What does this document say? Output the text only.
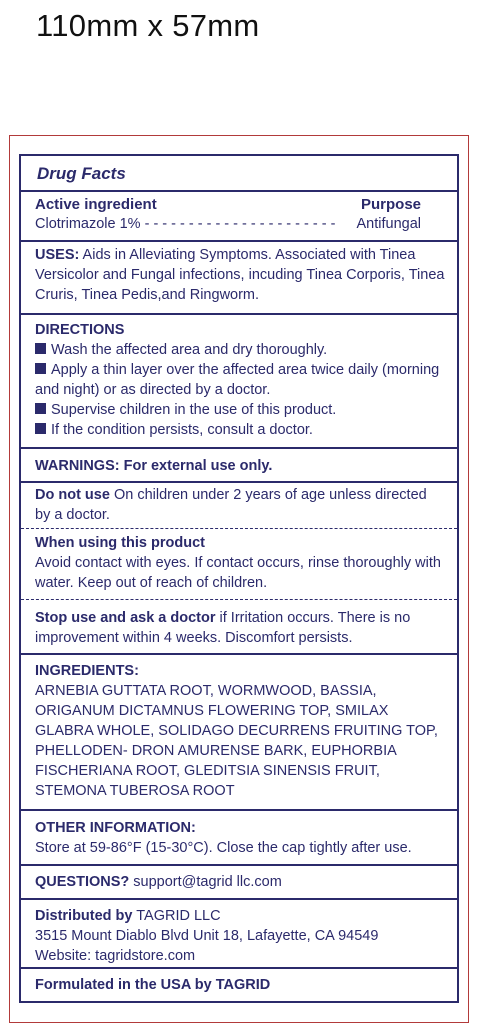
110mm x 57mm
Drug Facts
Active ingredient	Purpose
Clotrimazole 1% - - - - - - - - - - - - - - - - - - - - - - Antifungal
USES: Aids in Alleviating Symptoms. Associated with Tinea Versicolor and Fungal infections, incuding Tinea Corporis, Tinea Cruris, Tinea Pedis,and Ringworm.
DIRECTIONS
Wash the affected area and dry thoroughly.
Apply a thin layer over the affected area twice daily (morning and night) or as directed by a doctor.
Supervise children in the use of this product.
If the condition persists, consult a doctor.
WARNINGS: For external use only.
Do not use On children under 2 years of age unless directed by a doctor.
When using this product
Avoid contact with eyes. If contact occurs, rinse thoroughly with water. Keep out of reach of children.
Stop use and ask a doctor if Irritation occurs. There is no improvement within 4 weeks. Discomfort persists.
INGREDIENTS:
ARNEBIA GUTTATA ROOT, WORMWOOD, BASSIA, ORIGANUM DICTAMNUS FLOWERING TOP, SMILAX GLABRA WHOLE, SOLIDAGO DECURRENS FRUITING TOP, PHELLODEN- DRON AMURENSE BARK, EUPHORBIA FISCHERIANA ROOT, GLEDITSIA SINENSIS FRUIT, STEMONA TUBEROSA ROOT
OTHER INFORMATION:
Store at 59-86°F (15-30°C). Close the cap tightly after use.
QUESTIONS? support@tagrid llc.com
Distributed by TAGRID LLC
3515 Mount Diablo Blvd Unit 18, Lafayette, CA 94549
Website: tagridstore.com
Formulated in the USA by TAGRID
